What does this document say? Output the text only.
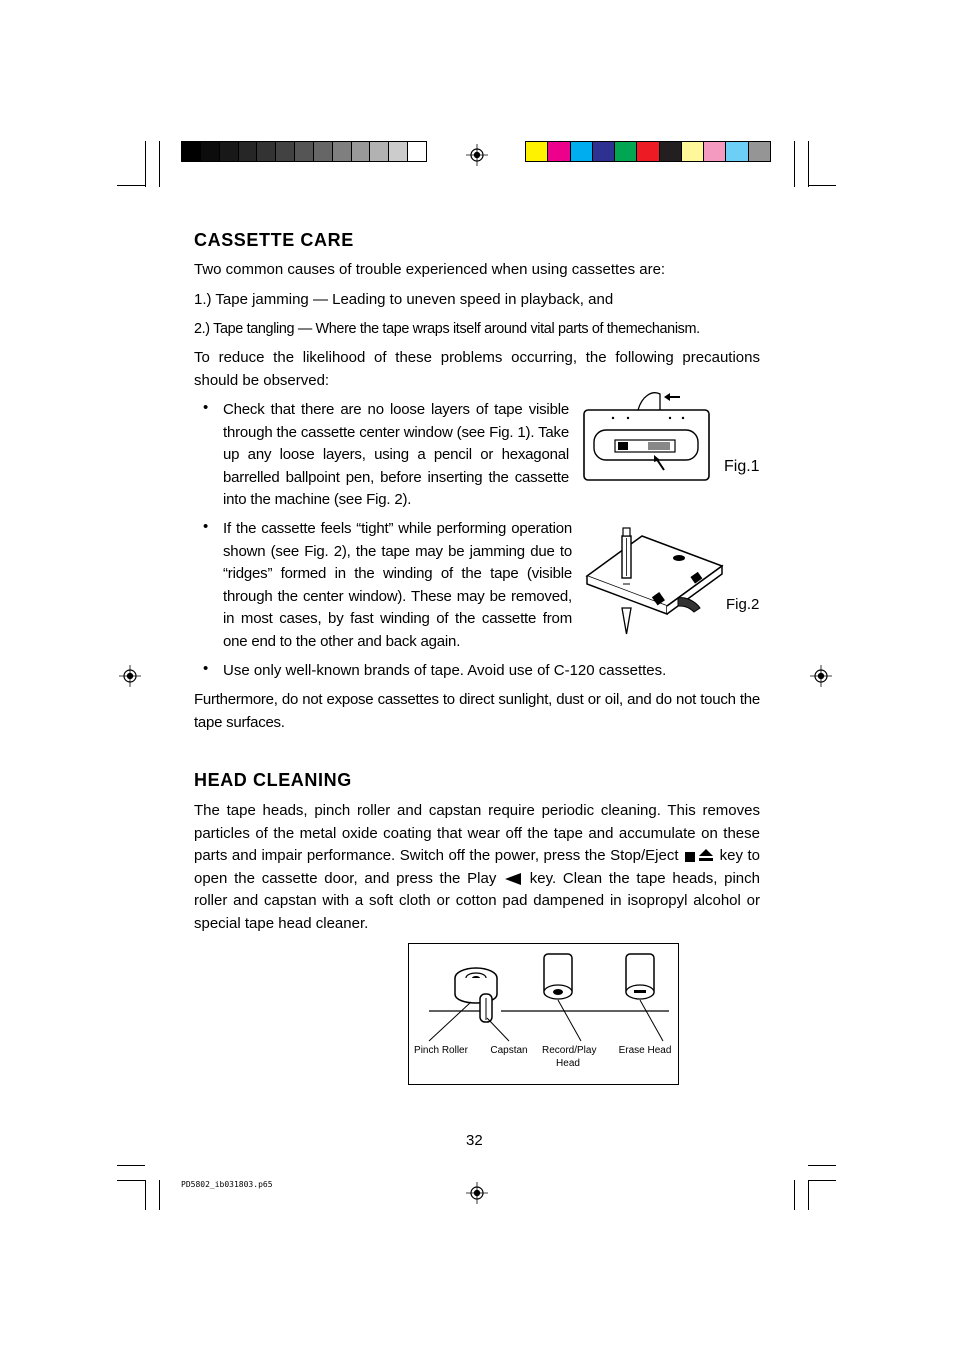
CASSETTE CARE

Two common causes of trouble experienced when using cassettes are:

1.) Tape jamming — Leading to uneven speed in playback, and

2.) Tape tangling — Where the tape wraps itself around vital parts of themechanism.

To reduce the likelihood of these problems occurring, the following precautions should be observed:

• Check that there are no loose layers of tape visible through the cassette center window (see Fig. 1). Take up any loose layers, using a pencil or hexagonal barrelled ballpoint pen, before inserting the cassette into the machine (see Fig. 2).

• If the cassette feels “tight” while performing operation shown (see Fig. 2), the tape may be jamming due to “ridges” formed in the winding of the tape (visible through the center window). These may be removed, in most cases, by fast winding of the cassette from one end to the other and back again.

• Use only well-known brands of tape. Avoid use of C-120 cassettes.

Fig.1
Fig.2

Furthermore, do not expose cassettes to direct sunlight, dust or oil, and do not touch the tape surfaces.

HEAD CLEANING

The tape heads, pinch roller and capstan require periodic cleaning. This removes particles of the metal oxide coating that wear off the tape and accumulate on these parts and impair performance. Switch off the power, press the Stop/Eject	key to open the cassette door, and press the Play key. Clean the tape heads, pinch roller and capstan with a soft cloth or cotton pad dampened in isopropyl alcohol or special tape head cleaner.

Pinch Roller	Capstan	Record/Play Head
Erase Head
32
PD5802_ib031803.p65
